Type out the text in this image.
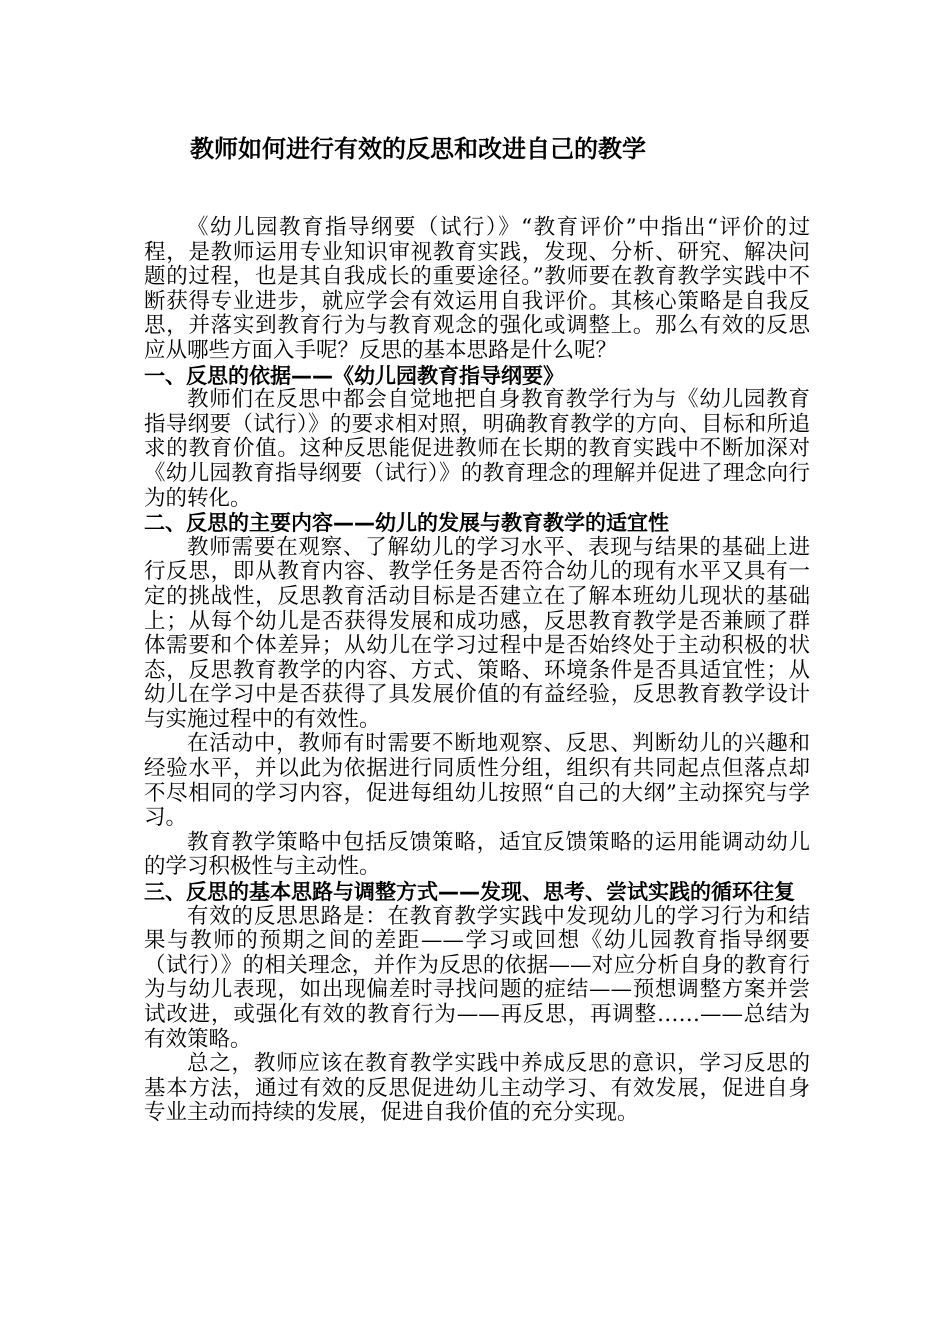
教师如何进行有效的反思和改进自己的教学

《幼儿园教育指导纲要（试行）》“教育评价”中指出“评价的过程，是教师运用专业知识审视教育实践，发现、分析、研究、解决问题的过程，也是其自我成长的重要途径。”教师要在教育教学实践中不断获得专业进步，就应学会有效运用自我评价。其核心策略是自我反思，并落实到教育行为与教育观念的强化或调整上。那么有效的反思应从哪些方面入手呢？反思的基本思路是什么呢？

一、反思的依据——《幼儿园教育指导纲要》

教师们在反思中都会自觉地把自身教育教学行为与《幼儿园教育指导纲要（试行）》的要求相对照，明确教育教学的方向、目标和所追求的教育价值。这种反思能促进教师在长期的教育实践中不断加深对《幼儿园教育指导纲要（试行）》的教育理念的理解并促进了理念向行为的转化。

二、反思的主要内容——幼儿的发展与教育教学的适宜性

教师需要在观察、了解幼儿的学习水平、表现与结果的基础上进行反思，即从教育内容、教学任务是否符合幼儿的现有水平又具有一定的挑战性，反思教育活动目标是否建立在了解本班幼儿现状的基础上；从每个幼儿是否获得发展和成功感，反思教育教学是否兼顾了群体需要和个体差异；从幼儿在学习过程中是否始终处于主动积极的状态，反思教育教学的内容、方式、策略、环境条件是否具适宜性；从幼儿在学习中是否获得了具发展价值的有益经验，反思教育教学设计与实施过程中的有效性。

在活动中，教师有时需要不断地观察、反思、判断幼儿的兴趣和经验水平，并以此为依据进行同质性分组，组织有共同起点但落点却不尽相同的学习内容，促进每组幼儿按照“自己的大纲”主动探究与学习。

教育教学策略中包括反馈策略，适宜反馈策略的运用能调动幼儿的学习积极性与主动性。

三、反思的基本思路与调整方式——发现、思考、尝试实践的循环往复

有效的反思思路是：在教育教学实践中发现幼儿的学习行为和结果与教师的预期之间的差距——学习或回想《幼儿园教育指导纲要（试行）》的相关理念，并作为反思的依据——对应分析自身的教育行为与幼儿表现，如出现偏差时寻找问题的症结——预想调整方案并尝试改进，或强化有效的教育行为——再反思，再调整……——总结为有效策略。

总之，教师应该在教育教学实践中养成反思的意识，学习反思的基本方法，通过有效的反思促进幼儿主动学习、有效发展，促进自身专业主动而持续的发展，促进自我价值的充分实现。
